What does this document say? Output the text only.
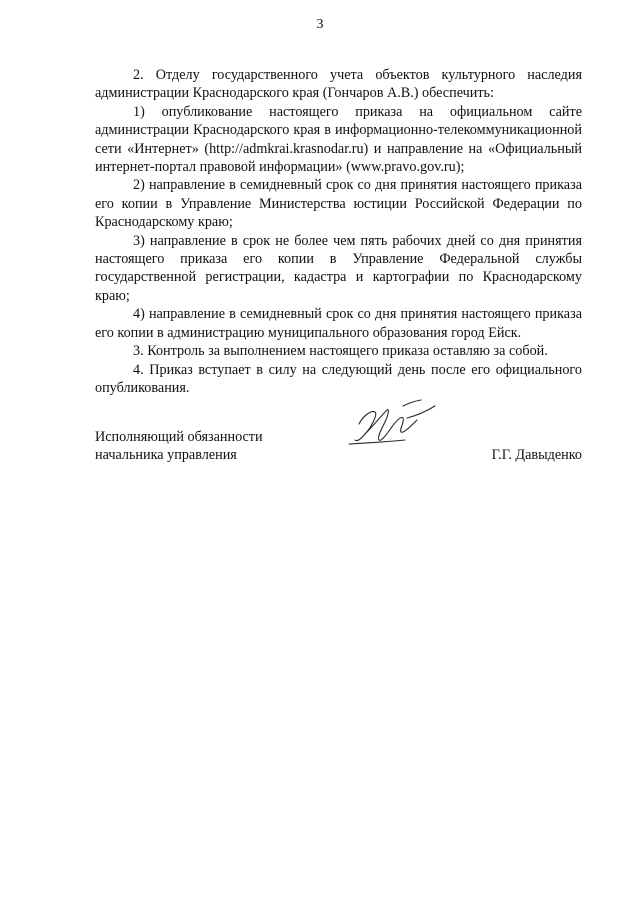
3

2. Отделу государственного учета объектов культурного наследия администрации Краснодарского края (Гончаров А.В.) обеспечить:

1) опубликование настоящего приказа на официальном сайте администрации Краснодарского края в информационно-телекоммуникационной сети «Интернет» (http://admkrai.krasnodar.ru) и направление на «Официальный интернет-портал правовой информации» (www.pravo.gov.ru);

2) направление в семидневный срок со дня принятия настоящего приказа его копии в Управление Министерства юстиции Российской Федерации по Краснодарскому краю;

3) направление в срок не более чем пять рабочих дней со дня принятия настоящего приказа его копии в Управление Федеральной службы государственной регистрации, кадастра и картографии по Краснодарскому краю;

4) направление в семидневный срок со дня принятия настоящего приказа его копии в администрацию муниципального образования город Ейск.

3. Контроль за выполнением настоящего приказа оставляю за собой.

4. Приказ вступает в силу на следующий день после его официального опубликования.

Исполняющий обязанности
начальника управления	Г.Г. Давыденко
